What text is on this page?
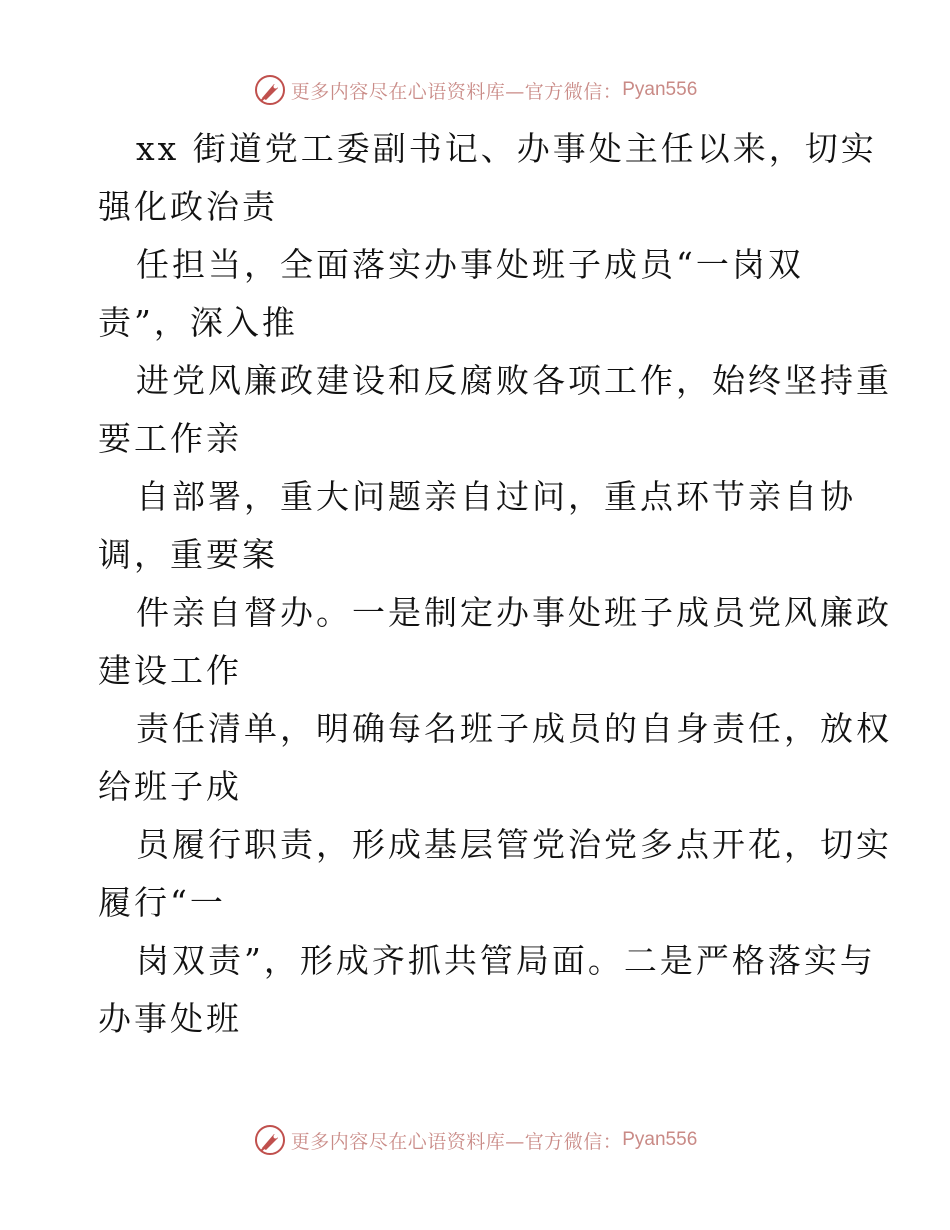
更多内容尽在心语资料库—官方微信： Pyan556
xx 街道党工委副书记、办事处主任以来，切实
强化政治责
任担当，全面落实办事处班子成员“一岗双
责”，深入推
进党风廉政建设和反腐败各项工作，始终坚持重
要工作亲
自部署，重大问题亲自过问，重点环节亲自协
调，重要案
件亲自督办。一是制定办事处班子成员党风廉政
建设工作
责任清单，明确每名班子成员的自身责任，放权
给班子成
员履行职责，形成基层管党治党多点开花，切实
履行“一
岗双责”，形成齐抓共管局面。二是严格落实与
办事处班
更多内容尽在心语资料库—官方微信： Pyan556
